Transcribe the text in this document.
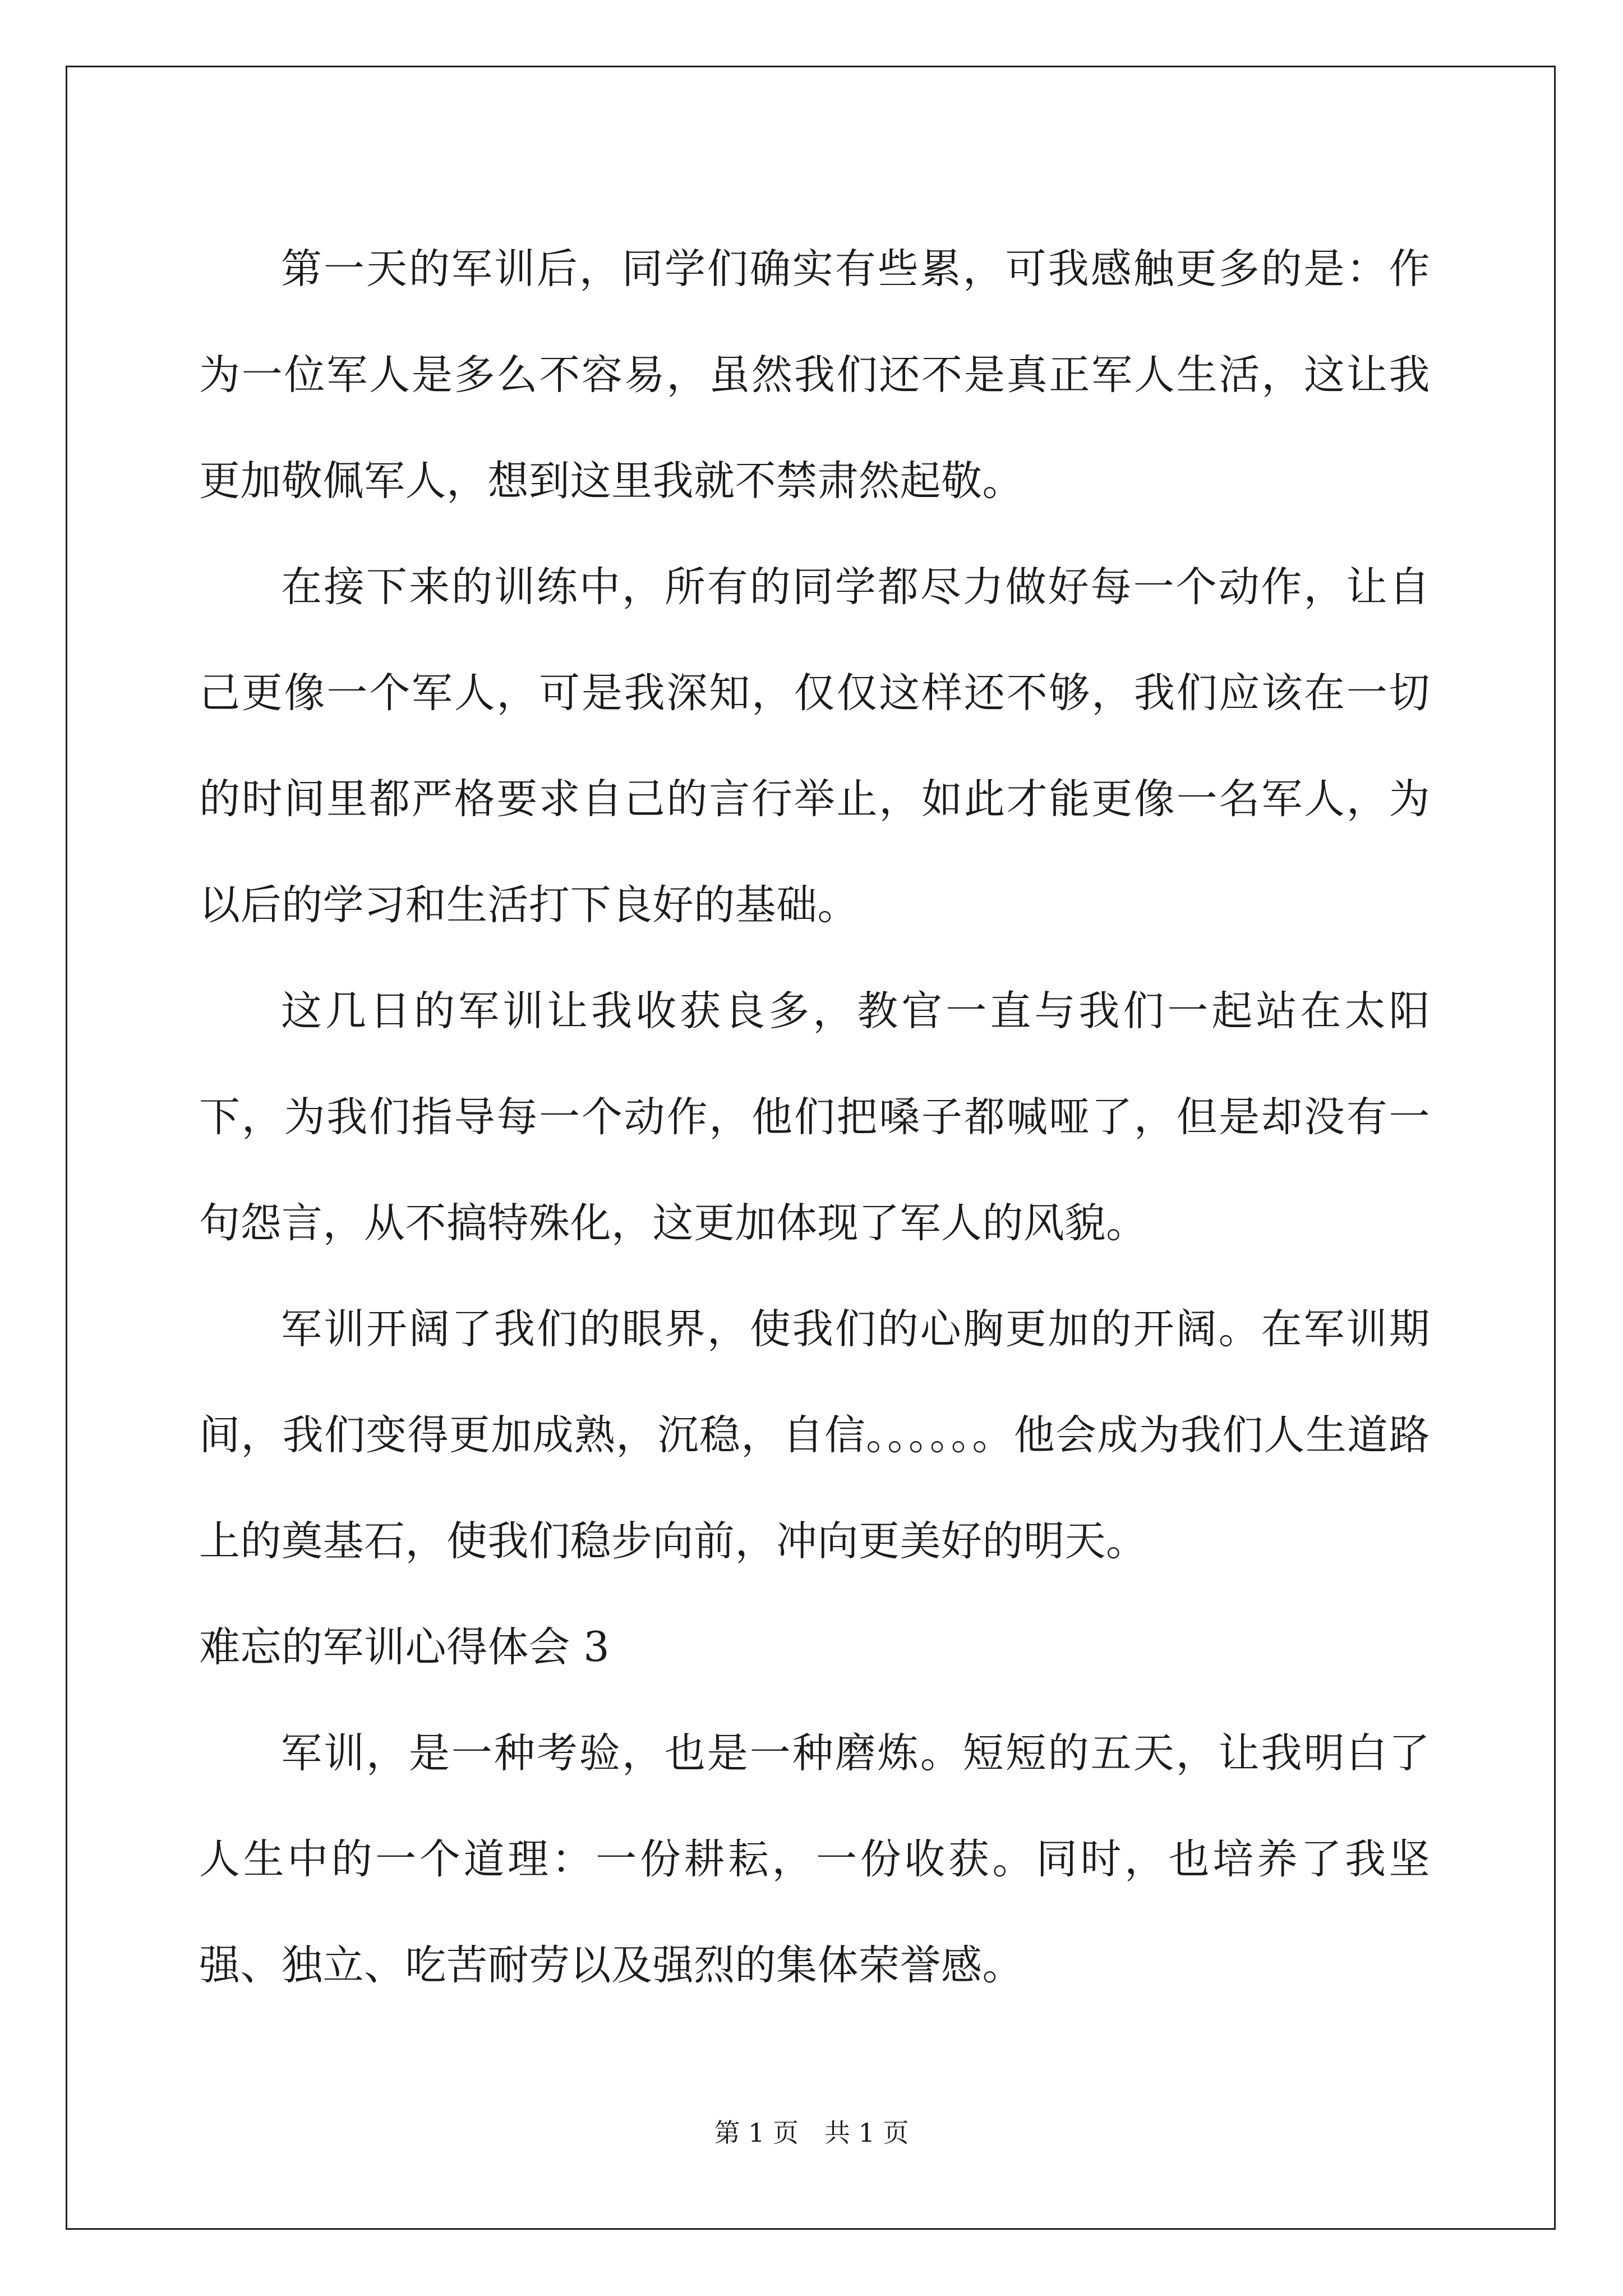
第一天的军训后，同学们确实有些累，可我感触更多的是：作为一位军人是多么不容易，虽然我们还不是真正军人生活，这让我更加敬佩军人，想到这里我就不禁肃然起敬。

在接下来的训练中，所有的同学都尽力做好每一个动作，让自己更像一个军人，可是我深知，仅仅这样还不够，我们应该在一切的时间里都严格要求自己的言行举止，如此才能更像一名军人，为以后的学习和生活打下良好的基础。

这几日的军训让我收获良多，教官一直与我们一起站在太阳下，为我们指导每一个动作，他们把嗓子都喊哑了，但是却没有一句怨言，从不搞特殊化，这更加体现了军人的风貌。

军训开阔了我们的眼界，使我们的心胸更加的开阔。在军训期间，我们变得更加成熟，沉稳，自信。。。。。。他会成为我们人生道路上的奠基石，使我们稳步向前，冲向更美好的明天。

难忘的军训心得体会 3

军训，是一种考验，也是一种磨炼。短短的五天，让我明白了人生中的一个道理：一份耕耘，一份收获。同时，也培养了我坚强、独立、吃苦耐劳以及强烈的集体荣誉感。

第 1 页 共 1 页
